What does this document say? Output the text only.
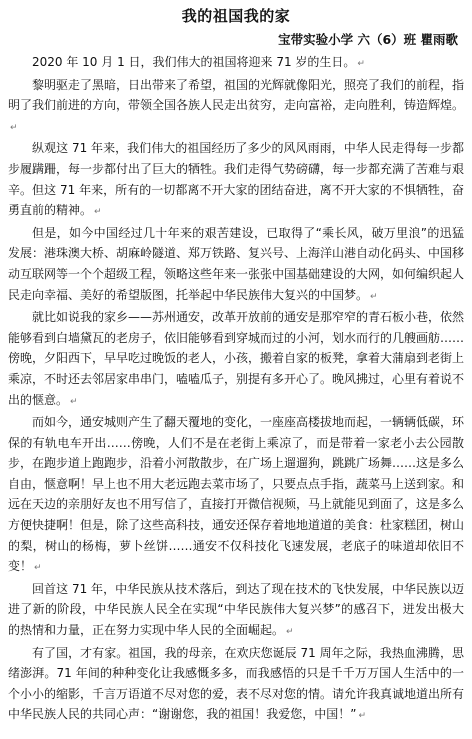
我的祖国我的家
宝带实验小学 六（6）班 瞿雨歌

2020 年 10 月 1 日，我们伟大的祖国将迎来 71 岁的生日。 ↵

黎明驱走了黑暗，日出带来了希望，祖国的光辉就像阳光，照亮了我们的前程，指明了我们前进的方向，带领全国各族人民走出贫穷，走向富裕，走向胜利，铸造辉煌。↵

纵观这 71 年来，我们伟大的祖国经历了多少的风风雨雨，中华人民走得每一步都步履蹒跚，每一步都付出了巨大的牺牲。我们走得气势磅礴，每一步都充满了苦难与艰辛。但这 71 年来，所有的一切都离不开大家的团结奋进，离不开大家的不惧牺牲，奋勇直前的精神。 ↵

但是，如今中国经过几十年来的艰苦建设，已取得了“乘长风，破万里浪”的迅猛发展：港珠澳大桥、胡麻岭隧道、郑万铁路、复兴号、上海洋山港自动化码头、中国移动互联网等一个个超级工程，领略这些年来一张张中国基础建设的大网，如何编织起人民走向幸福、美好的希望版图，托举起中华民族伟大复兴的中国梦。 ↵

就比如说我的家乡——苏州通安，改革开放前的通安是那窄窄的青石板小巷，依然能够看到白墙黛瓦的老房子，依旧能够看到穿城而过的小河，划水而行的几艘画舫……傍晚，夕阳西下，早早吃过晚饭的老人，小孩，搬着自家的板凳，拿着大蒲扇到老街上乘凉，不时还去邻居家串串门，嗑嗑瓜子，别提有多开心了。晚风拂过，心里有着说不出的惬意。 ↵

而如今，通安城则产生了翻天覆地的变化，一座座高楼拔地而起，一辆辆低碳，环保的有轨电车开出……傍晚，人们不是在老街上乘凉了，而是带着一家老小去公园散步，在跑步道上跑跑步，沿着小河散散步，在广场上遛遛狗，跳跳广场舞……这是多么自由，惬意啊！早上也不用大老远跑去菜市场了，只要点点手指，蔬菜马上送到家。和远在天边的亲朋好友也不用写信了，直接打开微信视频，马上就能见到面了，这是多么方便快捷啊！但是，除了这些高科技，通安还保存着地地道道的美食：杜家糕团，树山的梨，树山的杨梅，萝卜丝饼……通安不仅科技化飞速发展，老底子的味道却依旧不变！ ↵

回首这 71 年，中华民族从技术落后，到达了现在技术的飞快发展，中华民族以迈进了新的阶段，中华民族人民全在实现“中华民族伟大复兴梦”的感召下，迸发出极大的热情和力量，正在努力实现中华人民的全面崛起。 ↵

有了国，才有家。祖国，我的母亲，在欢庆您诞辰 71 周年之际，我热血沸腾，思绪澎湃。71 年间的种种变化让我感慨多多，而我感悟的只是千千万万国人生活中的一个小小的缩影，千言万语道不尽对您的爱，表不尽对您的情。请允许我真诚地道出所有中华民族人民的共同心声：“谢谢您，我的祖国！我爱您，中国！” ↵
